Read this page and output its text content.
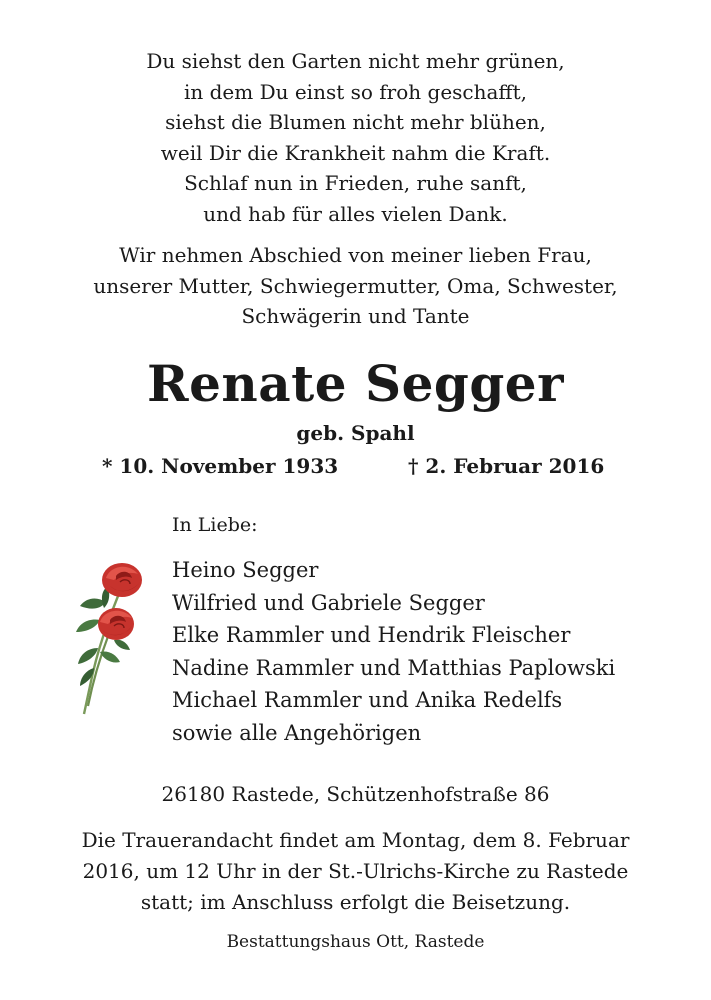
Du siehst den Garten nicht mehr grünen,
in dem Du einst so froh geschafft,
siehst die Blumen nicht mehr blühen,
weil Dir die Krankheit nahm die Kraft.
Schlaf nun in Frieden, ruhe sanft,
und hab für alles vielen Dank.
Wir nehmen Abschied von meiner lieben Frau,
unserer Mutter, Schwiegermutter, Oma, Schwester,
Schwägerin und Tante
Renate Segger
geb. Spahl
* 10. November 1933	† 2. Februar 2016
In Liebe:
Heino Segger
Wilfried und Gabriele Segger
Elke Rammler und Hendrik Fleischer
Nadine Rammler und Matthias Paplowski
Michael Rammler und Anika Redelfs
sowie alle Angehörigen
26180 Rastede, Schützenhofstraße 86
Die Trauerandacht findet am Montag, dem 8. Februar
2016, um 12 Uhr in der St.-Ulrichs-Kirche zu Rastede
statt; im Anschluss erfolgt die Beisetzung.
Bestattungshaus Ott, Rastede
